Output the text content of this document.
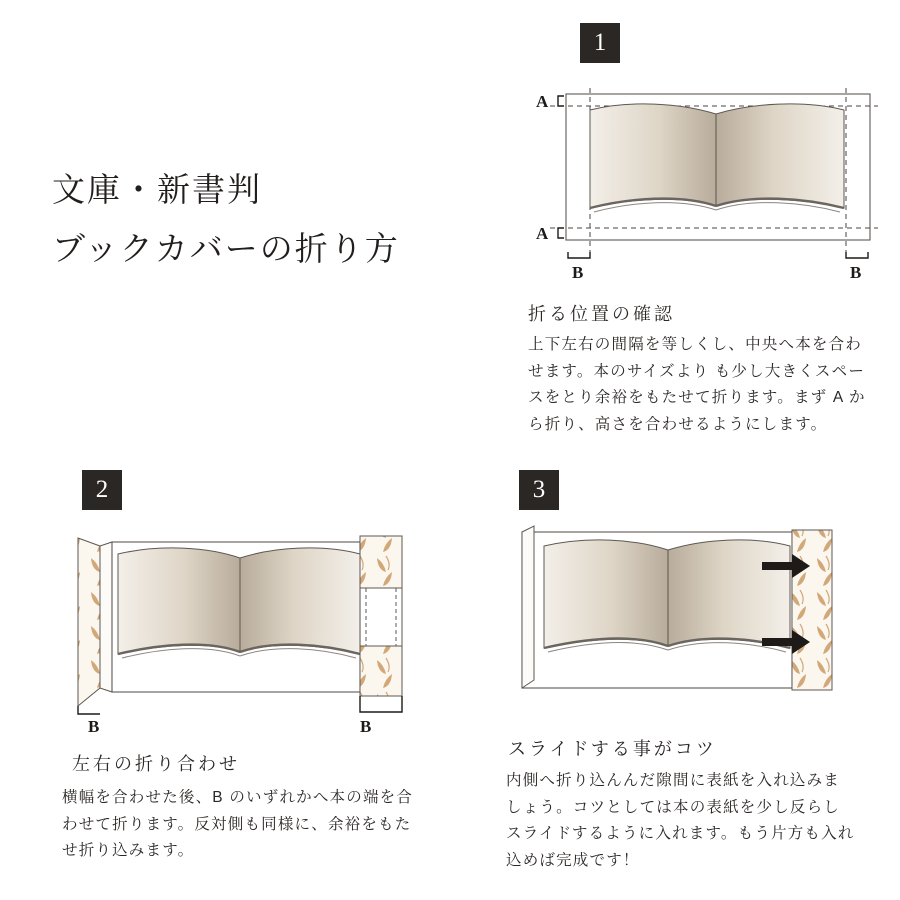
文庫・新書判
ブックカバーの折り方
1
A
A
B	B
折る位置の確認
上下左右の間隔を等しくし、中央へ本を合わせます。本のサイズより も少し大きくスペースをとり余裕をもたせて折ります。まず A から折り、高さを合わせるようにします。
2
B	B
左右の折り合わせ
横幅を合わせた後、B のいずれかへ本の端を合わせて折ります。反対側も同様に、余裕をもたせ折り込みます。
3
スライドする事がコツ
内側へ折り込んんだ隙間に表紙を入れ込みましょう。コツとしては本の表紙を少し反らしスライドするように入れます。もう片方も入れ込めば完成です！
